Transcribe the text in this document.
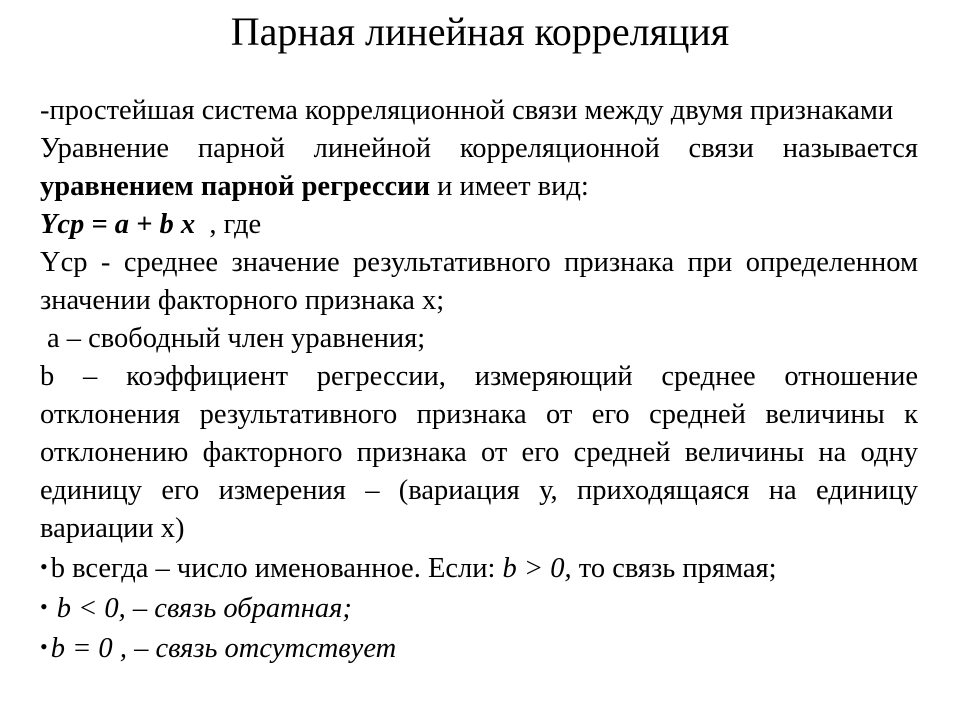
Парная линейная корреляция

-простейшая система корреляционной связи между двумя признаками

Уравнение парной линейной корреляционной связи называется уравнением парной регрессии и имеет вид:

Yср = a + b x  , где

Yср - среднее значение результативного признака при определенном значении факторного признака х;

a – свободный член уравнения;

b – коэффициент регрессии, измеряющий среднее отношение отклонения результативного признака от его средней величины к отклонению факторного признака от его средней величины на одну единицу его измерения – (вариация у, приходящаяся на единицу вариации х)

• b всегда – число именованное. Если: b > 0, то связь прямая;

• b < 0, – связь обратная;

• b = 0 , – связь отсутствует
